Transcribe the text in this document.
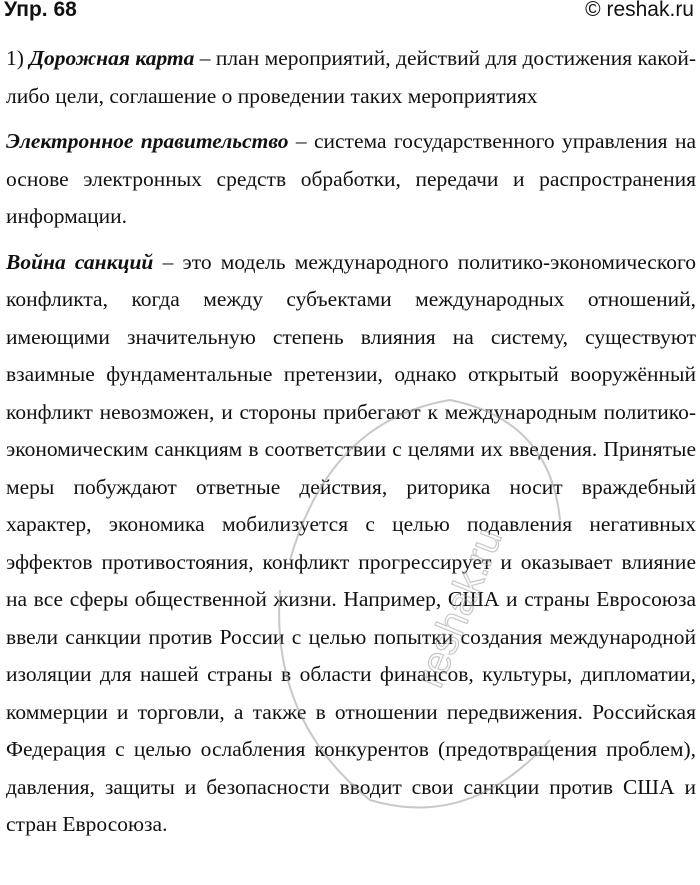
Упр. 68	© reshak.ru

1) Дорожная карта – план мероприятий, действий для достижения какой-либо цели, соглашение о проведении таких мероприятиях

Электронное правительство – система государственного управления на основе электронных средств обработки, передачи и распространения информации.

Война санкций – это модель международного политико-экономического конфликта, когда между субъектами международных отношений, имеющими значительную степень влияния на систему, существуют взаимные фундаментальные претензии, однако открытый вооружённый конфликт невозможен, и стороны прибегают к международным политико-экономическим санкциям в соответствии с целями их введения. Принятые меры побуждают ответные действия, риторика носит враждебный характер, экономика мобилизуется с целью подавления негативных эффектов противостояния, конфликт прогрессирует и оказывает влияние на все сферы общественной жизни. Например, США и страны Евросоюза ввели санкции против России с целью попытки создания международной изоляции для нашей страны в области финансов, культуры, дипломатии, коммерции и торговли, а также в отношении передвижения. Российская Федерация с целью ослабления конкурентов (предотвращения проблем), давления, защиты и безопасности вводит свои санкции против США и стран Евросоюза.

reshak.ru
